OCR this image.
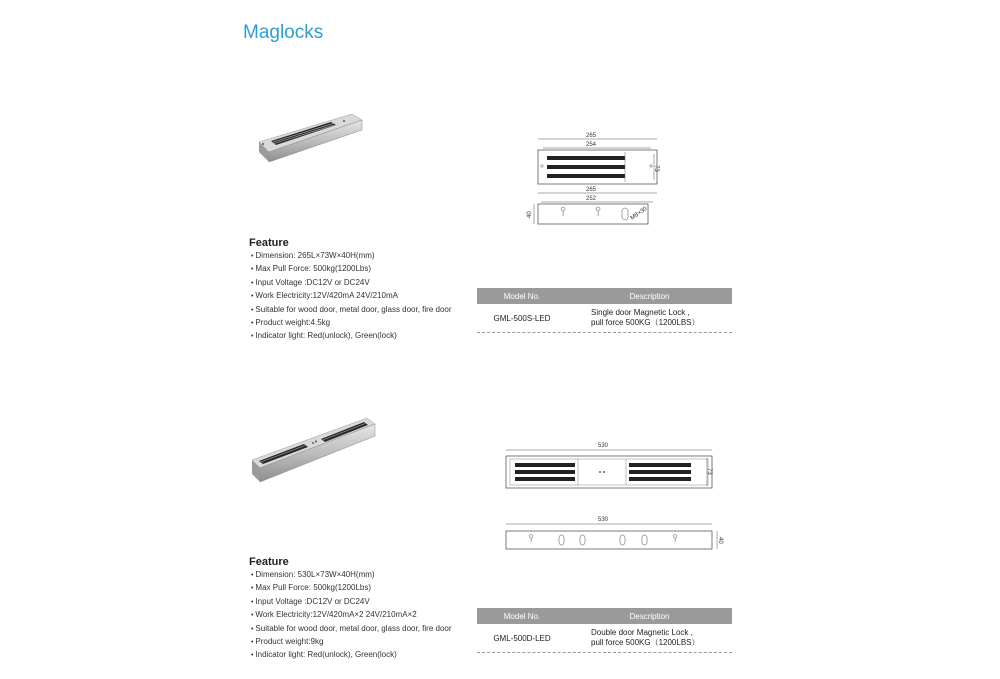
Maglocks
265
254
73
265
252
M8×30
40
Feature
• Dimension: 265L×73W×40H(mm)
• Max Pull Force: 500kg(1200Lbs)
• Input Voltage :DC12V or DC24V
• Work Electricity:12V/420mA 24V/210mA
• Suitable for wood door, metal door, glass door, fire door
• Product weight:4.5kg
• Indicator light: Red(unlock), Green(lock)
Model No.	Description
GML-500S-LED
Single door Magnetic Lock ,
pull force 500KG（1200LBS）
530
73
530
40
Feature
• Dimension: 530L×73W×40H(mm)
• Max Pull Force: 500kg(1200Lbs)
• Input Voltage :DC12V or DC24V
• Work Electricity:12V/420mA×2 24V/210mA×2
• Suitable for wood door, metal door, glass door, fire door
• Product weight:9kg
• Indicator light: Red(unlock), Green(lock)
Model No.	Description
GML-500D-LED
Double door Magnetic Lock ,
pull force 500KG（1200LBS）
